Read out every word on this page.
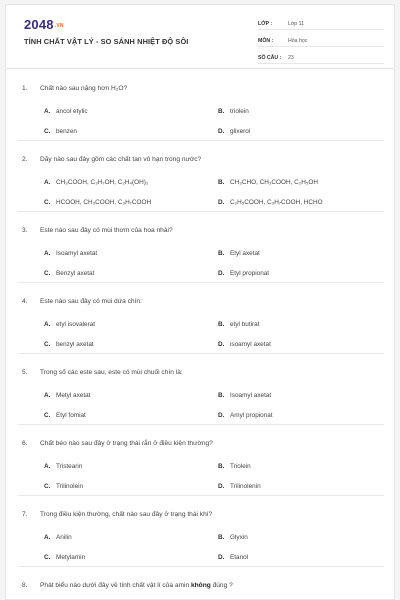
$2048^{.VN}$
TÍNH CHẤT VẬT LÝ - SO SÁNH NHIỆT ĐỘ SÔI
LỚP :	Lớp 11
MÔN :	Hóa học
SỐ CÂU :	23
1. Chất nào sau nặng hơn H₂O?
A. ancol etylic	B. triolein
C. benzen	D. glixerol
2. Dãy nào sau đây gồm các chất tan vô hạn trong nước?
A. CH₃COOH, C₃H₇OH, C₂H₄(OH)₂	B. CH₃CHO, CH₃COOH, C₂H₅OH
C. HCOOH, CH₃COOH, C₃H₇COOH	D. C₂H₅COOH, C₃H₇COOH, HCHO
3. Este nào sau đây có mùi thơm của hoa nhài?
A. Isoamyl axetat	B. Etyl axetat
C. Benzyl axetat	D. Etyl propionat
4. Este nào sau đây có mùi dứa chín:
A. etyl isovalerat	B. etyl butirat
C. benzyl axetat	D. isoamyl axetat
5. Trong số các este sau, este có mùi chuối chín là:
A. Metyl axetat	B. Isoamyl axetat
C. Etyl fomiat	D. Amyl propionat
6. Chất béo nào sau đây ở trạng thái rắn ở điều kiện thường?
A. Tristearin	B. Triolein
C. Trilinolein	D. Trilinolenin
7. Trong điều kiện thường, chất nào sau đây ở trạng thái khí?
A. Anilin	B. Glyxin
C. Metylamin	D. Etanol
8. Phát biểu nào dưới đây về tính chất vật lí của amin không đúng ?
